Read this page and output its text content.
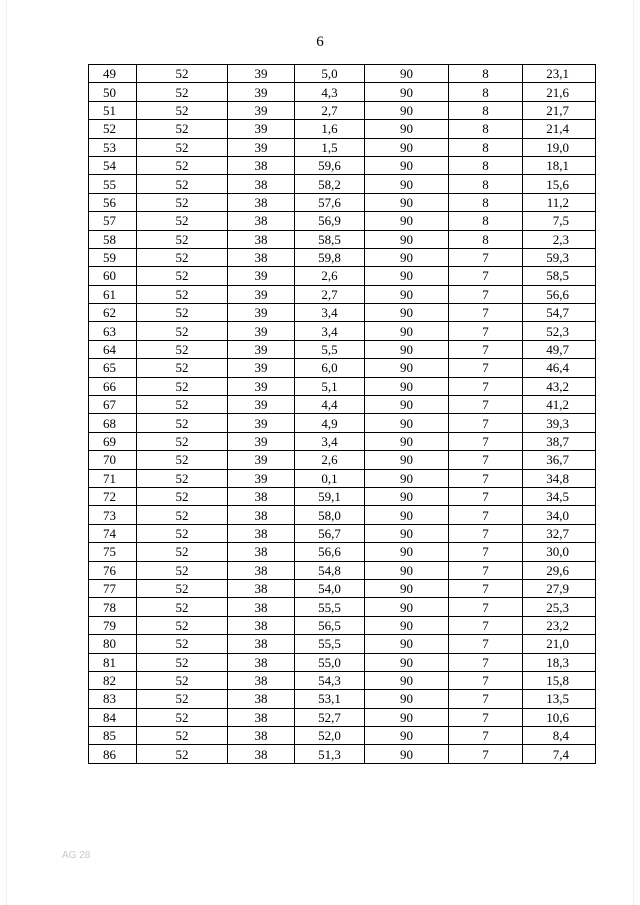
6
49	52	39	5,0	90	8	23,1
50	52	39	4,3	90	8	21,6
51	52	39	2,7	90	8	21,7
52	52	39	1,6	90	8	21,4
53	52	39	1,5	90	8	19,0
54	52	38	59,6	90	8	18,1
55	52	38	58,2	90	8	15,6
56	52	38	57,6	90	8	11,2
57	52	38	56,9	90	8	7,5
58	52	38	58,5	90	8	2,3
59	52	38	59,8	90	7	59,3
60	52	39	2,6	90	7	58,5
61	52	39	2,7	90	7	56,6
62	52	39	3,4	90	7	54,7
63	52	39	3,4	90	7	52,3
64	52	39	5,5	90	7	49,7
65	52	39	6,0	90	7	46,4
66	52	39	5,1	90	7	43,2
67	52	39	4,4	90	7	41,2
68	52	39	4,9	90	7	39,3
69	52	39	3,4	90	7	38,7
70	52	39	2,6	90	7	36,7
71	52	39	0,1	90	7	34,8
72	52	38	59,1	90	7	34,5
73	52	38	58,0	90	7	34,0
74	52	38	56,7	90	7	32,7
75	52	38	56,6	90	7	30,0
76	52	38	54,8	90	7	29,6
77	52	38	54,0	90	7	27,9
78	52	38	55,5	90	7	25,3
79	52	38	56,5	90	7	23,2
80	52	38	55,5	90	7	21,0
81	52	38	55,0	90	7	18,3
82	52	38	54,3	90	7	15,8
83	52	38	53,1	90	7	13,5
84	52	38	52,7	90	7	10,6
85	52	38	52,0	90	7	8,4
86	52	38	51,3	90	7	7,4
AG 28
